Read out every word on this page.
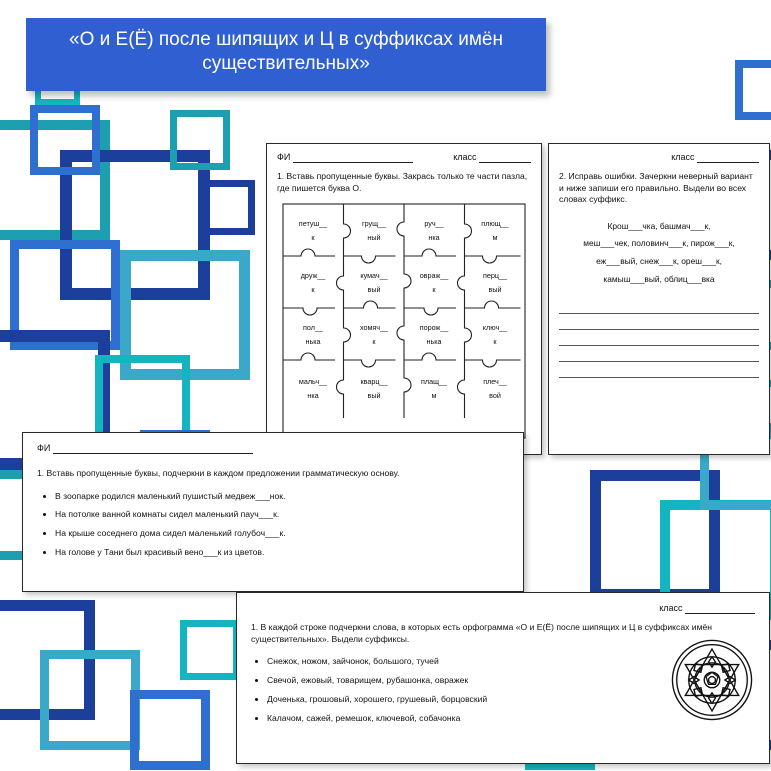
«О и Е(Ё) после шипящих и Ц в суффиксах имён существительных»
ФИ	класс
1. Вставь пропущенные буквы. Закрась только те части пазла, где пишется буква О.
петуш__
к
грущ__
ный
руч__
нка
плющ__
м
друж__
к
кумач__
вый
овраж__
к
перц__
вый
пол__
нька
хомяч__
к
порож__
нька
ключ__
к
мальч__
нка
кварц__
вый
плащ__
м
плеч__
вой
класс
2. Исправь ошибки. Зачеркни неверный вариант и ниже запиши его правильно. Выдели во всех словах суффикс.
Крош___чка, башмач___к,
меш___чек, половинч___к, пирож___к,
еж___вый, снеж___к, ореш___к,
камыш___вый, облиц___вка
ФИ
1. Вставь пропущенные буквы, подчеркни в каждом предложении грамматическую основу.
• В зоопарке родился маленький пушистый медвеж___нок.
• На потолке ванной комнаты сидел маленький пауч___к.
• На крыше соседнего дома сидел маленький голубоч___к.
• На голове у Тани был красивый вено___к из цветов.
класс
1. В каждой строке подчеркни слова, в которых есть орфограмма «О и Е(Ё) после шипящих и Ц в суффиксах имён существительных». Выдели суффиксы.
• Снежок, ножом, зайчонок, большого, тучей
• Свечой, ежовый, товарищем, рубашонка, овражек
• Доченька, грошовый, хорошего, грушевый, борцовский
• Калачом, сажей, ремешок, ключевой, собачонка
